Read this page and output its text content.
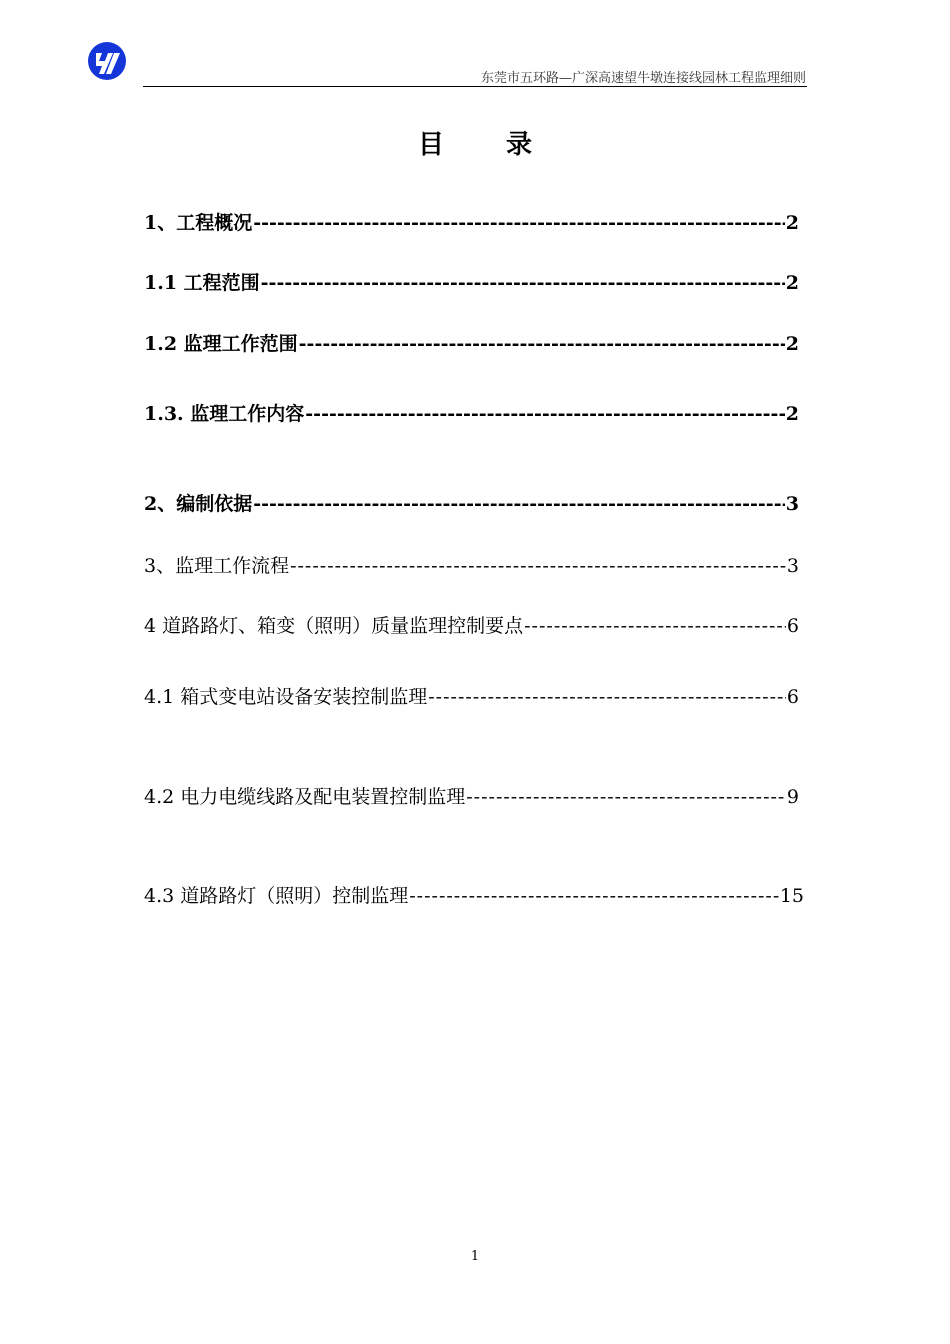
东莞市五环路—广深高速望牛墩连接线园林工程监理细则
目录
1、工程概况 -----	2
1.1 工程范围 -----	2
1.2 监理工作范围 -----	2
1.3. 监理工作内容 -----	2
2、编制依据 -----	3
3、监理工作流程 -----	3
4 道路路灯、箱变（照明）质量监理控制要点 -----	6
4.1 箱式变电站设备安装控制监理 -----	6
4.2 电力电缆线路及配电装置控制监理 -----	9
4.3 道路路灯（照明）控制监理 -----	15
1
